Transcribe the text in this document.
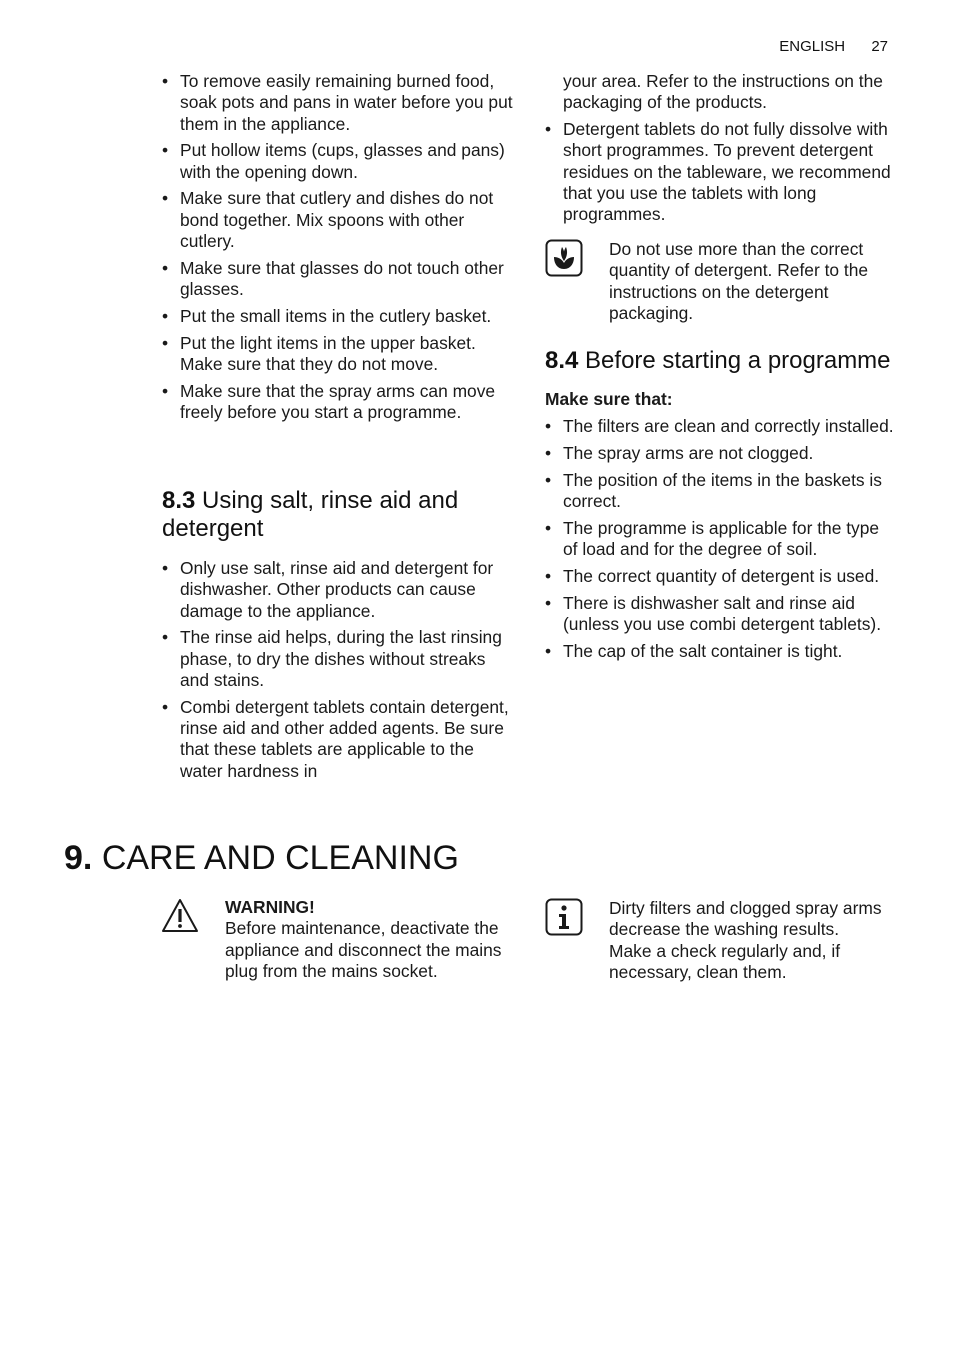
ENGLISH 27
• To remove easily remaining burned food, soak pots and pans in water before you put them in the appliance.
• Put hollow items (cups, glasses and pans) with the opening down.
• Make sure that cutlery and dishes do not bond together. Mix spoons with other cutlery.
• Make sure that glasses do not touch other glasses.
• Put the small items in the cutlery basket.
• Put the light items in the upper basket. Make sure that they do not move.
• Make sure that the spray arms can move freely before you start a programme.
8.3 Using salt, rinse aid and detergent
• Only use salt, rinse aid and detergent for dishwasher. Other products can cause damage to the appliance.
• The rinse aid helps, during the last rinsing phase, to dry the dishes without streaks and stains.
• Combi detergent tablets contain detergent, rinse aid and other added agents. Be sure that these tablets are applicable to the water hardness in
your area. Refer to the instructions on the packaging of the products.
• Detergent tablets do not fully dissolve with short programmes. To prevent detergent residues on the tableware, we recommend that you use the tablets with long programmes.
Do not use more than the correct quantity of detergent. Refer to the instructions on the detergent packaging.
8.4 Before starting a programme

Make sure that:

• The filters are clean and correctly installed.
• The spray arms are not clogged.
• The position of the items in the baskets is correct.
• The programme is applicable for the type of load and for the degree of soil.
• The correct quantity of detergent is used.
• There is dishwasher salt and rinse aid (unless you use combi detergent tablets).
• The cap of the salt container is tight.
9. CARE AND CLEANING
WARNING!
Before maintenance, deactivate the appliance and disconnect the mains plug from the mains socket.
Dirty filters and clogged spray arms decrease the washing results.
Make a check regularly and, if necessary, clean them.
